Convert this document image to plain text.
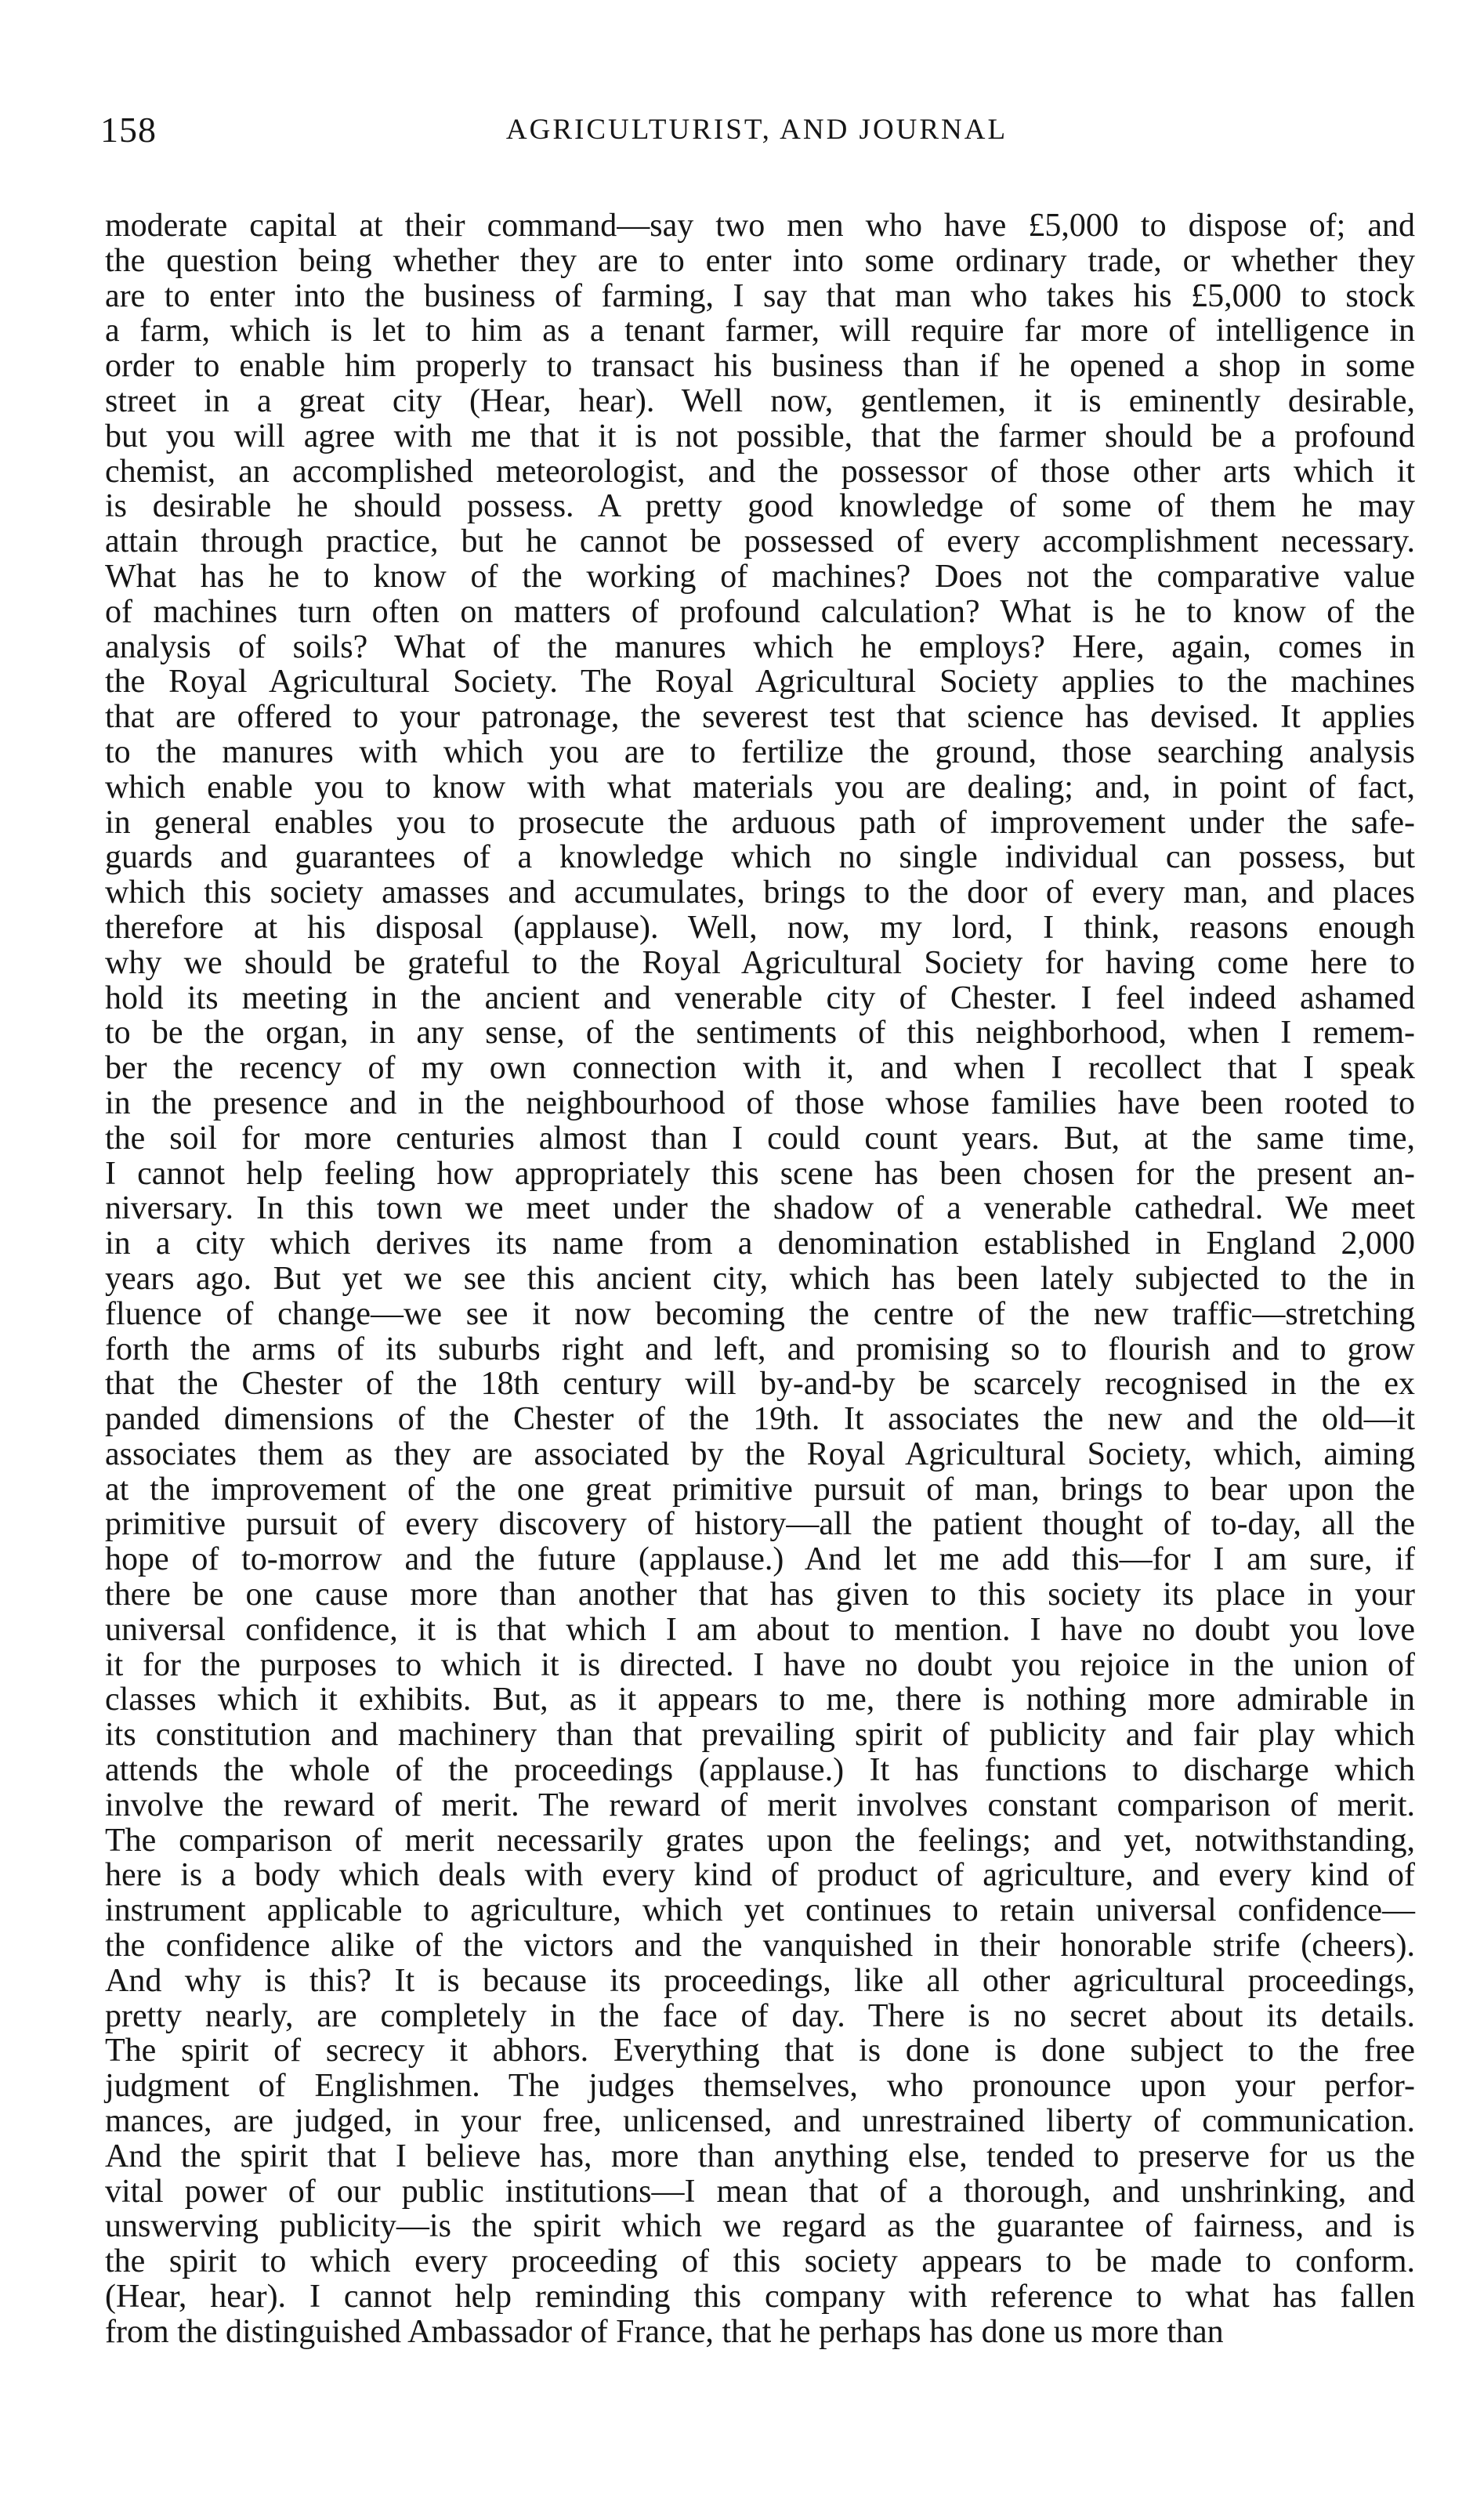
158	AGRICULTURIST, AND JOURNAL
moderate capital at their command—say two men who have £5,000 to dispose of; and
the question being whether they are to enter into some ordinary trade, or whether they
are to enter into the business of farming, I say that man who takes his £5,000 to stock
a farm, which is let to him as a tenant farmer, will require far more of intelligence in
order to enable him properly to transact his business than if he opened a shop in some
street in a great city (Hear, hear). Well now, gentlemen, it is eminently desirable,
but you will agree with me that it is not possible, that the farmer should be a profound
chemist, an accomplished meteorologist, and the possessor of those other arts which it
is desirable he should possess. A pretty good knowledge of some of them he may
attain through practice, but he cannot be possessed of every accomplishment necessary.
What has he to know of the working of machines? Does not the comparative value
of machines turn often on matters of profound calculation? What is he to know of the
analysis of soils? What of the manures which he employs? Here, again, comes in
the Royal Agricultural Society. The Royal Agricultural Society applies to the machines
that are offered to your patronage, the severest test that science has devised. It applies
to the manures with which you are to fertilize the ground, those searching analysis
which enable you to know with what materials you are dealing; and, in point of fact,
in general enables you to prosecute the arduous path of improvement under the safe-
guards and guarantees of a knowledge which no single individual can possess, but
which this society amasses and accumulates, brings to the door of every man, and places
therefore at his disposal (applause). Well, now, my lord, I think, reasons enough
why we should be grateful to the Royal Agricultural Society for having come here to
hold its meeting in the ancient and venerable city of Chester. I feel indeed ashamed
to be the organ, in any sense, of the sentiments of this neighborhood, when I remem-
ber the recency of my own connection with it, and when I recollect that I speak
in the presence and in the neighbourhood of those whose families have been rooted to
the soil for more centuries almost than I could count years. But, at the same time,
I cannot help feeling how appropriately this scene has been chosen for the present an-
niversary. In this town we meet under the shadow of a venerable cathedral. We meet
in a city which derives its name from a denomination established in England 2,000
years ago. But yet we see this ancient city, which has been lately subjected to the in
fluence of change—we see it now becoming the centre of the new traffic—stretching
forth the arms of its suburbs right and left, and promising so to flourish and to grow
that the Chester of the 18th century will by-and-by be scarcely recognised in the ex
panded dimensions of the Chester of the 19th. It associates the new and the old—it
associates them as they are associated by the Royal Agricultural Society, which, aiming
at the improvement of the one great primitive pursuit of man, brings to bear upon the
primitive pursuit of every discovery of history—all the patient thought of to-day, all the
hope of to-morrow and the future (applause.) And let me add this—for I am sure, if
there be one cause more than another that has given to this society its place in your
universal confidence, it is that which I am about to mention. I have no doubt you love
it for the purposes to which it is directed. I have no doubt you rejoice in the union of
classes which it exhibits. But, as it appears to me, there is nothing more admirable in
its constitution and machinery than that prevailing spirit of publicity and fair play which
attends the whole of the proceedings (applause.) It has functions to discharge which
involve the reward of merit. The reward of merit involves constant comparison of merit.
The comparison of merit necessarily grates upon the feelings; and yet, notwithstanding,
here is a body which deals with every kind of product of agriculture, and every kind of
instrument applicable to agriculture, which yet continues to retain universal confidence—
the confidence alike of the victors and the vanquished in their honorable strife (cheers).
And why is this? It is because its proceedings, like all other agricultural proceedings,
pretty nearly, are completely in the face of day. There is no secret about its details.
The spirit of secrecy it abhors. Everything that is done is done subject to the free
judgment of Englishmen. The judges themselves, who pronounce upon your perfor-
mances, are judged, in your free, unlicensed, and unrestrained liberty of communication.
And the spirit that I believe has, more than anything else, tended to preserve for us the
vital power of our public institutions—I mean that of a thorough, and unshrinking, and
unswerving publicity—is the spirit which we regard as the guarantee of fairness, and is
the spirit to which every proceeding of this society appears to be made to conform.
(Hear, hear). I cannot help reminding this company with reference to what has fallen
from the distinguished Ambassador of France, that he perhaps has done us more than
